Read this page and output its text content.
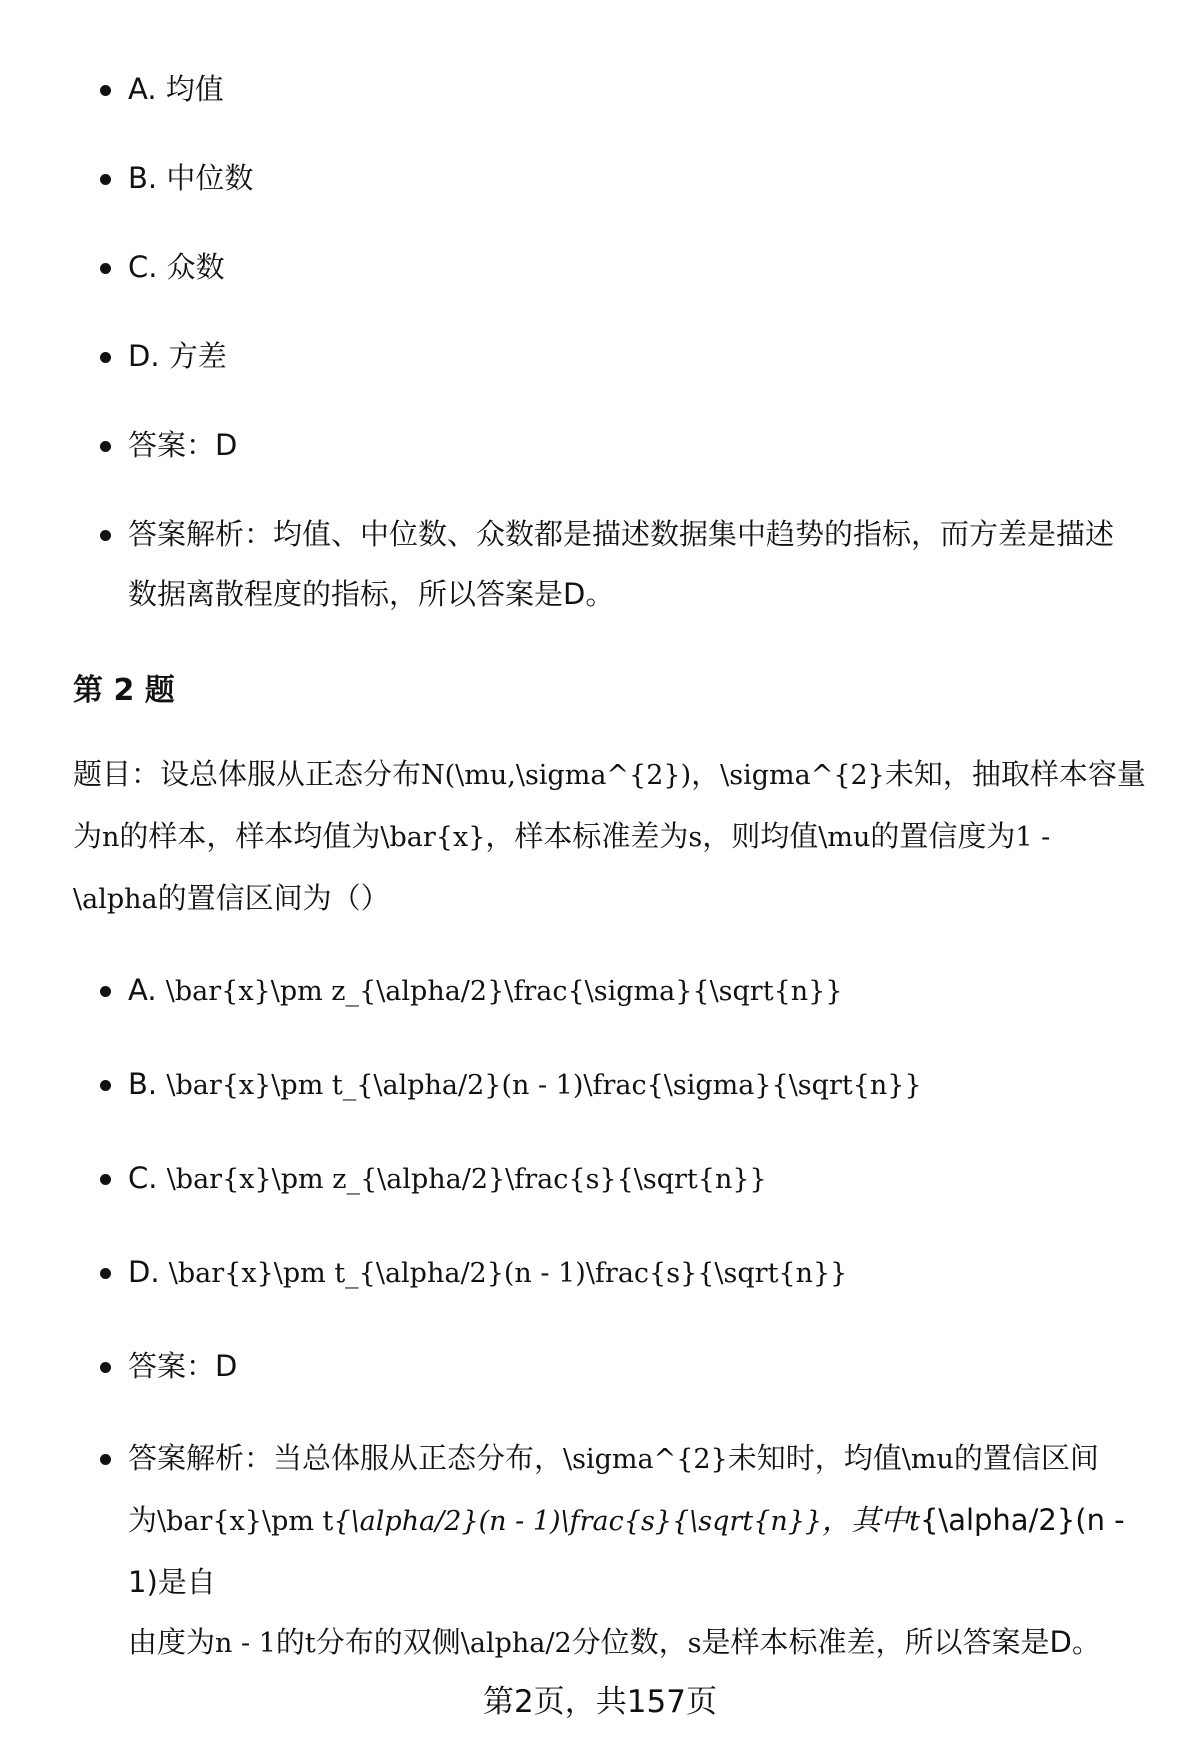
A. 均值
B. 中位数
C. 众数
D. 方差
答案：D
答案解析：均值、中位数、众数都是描述数据集中趋势的指标，而方差是描述
数据离散程度的指标，所以答案是D。
第 2 题
题目：设总体服从正态分布N(\mu,\sigma^{2})，\sigma^{2}未知，抽取样本容量
为n的样本，样本均值为\bar{x}，样本标准差为s，则均值\mu的置信度为1 -
\alpha的置信区间为（）
A. \bar{x}\pm z_{\alpha/2}\frac{\sigma}{\sqrt{n}}
B. \bar{x}\pm t_{\alpha/2}(n - 1)\frac{\sigma}{\sqrt{n}}
C. \bar{x}\pm z_{\alpha/2}\frac{s}{\sqrt{n}}
D. \bar{x}\pm t_{\alpha/2}(n - 1)\frac{s}{\sqrt{n}}
答案：D
答案解析：当总体服从正态分布，\sigma^{2}未知时，均值\mu的置信区间
为\bar{x}\pm t{\alpha/2}(n - 1)\frac{s}{\sqrt{n}}，其中t{\alpha/2}(n - 1)是自
由度为n - 1的t分布的双侧\alpha/2分位数，s是样本标准差，所以答案是D。
第2页，共157页
